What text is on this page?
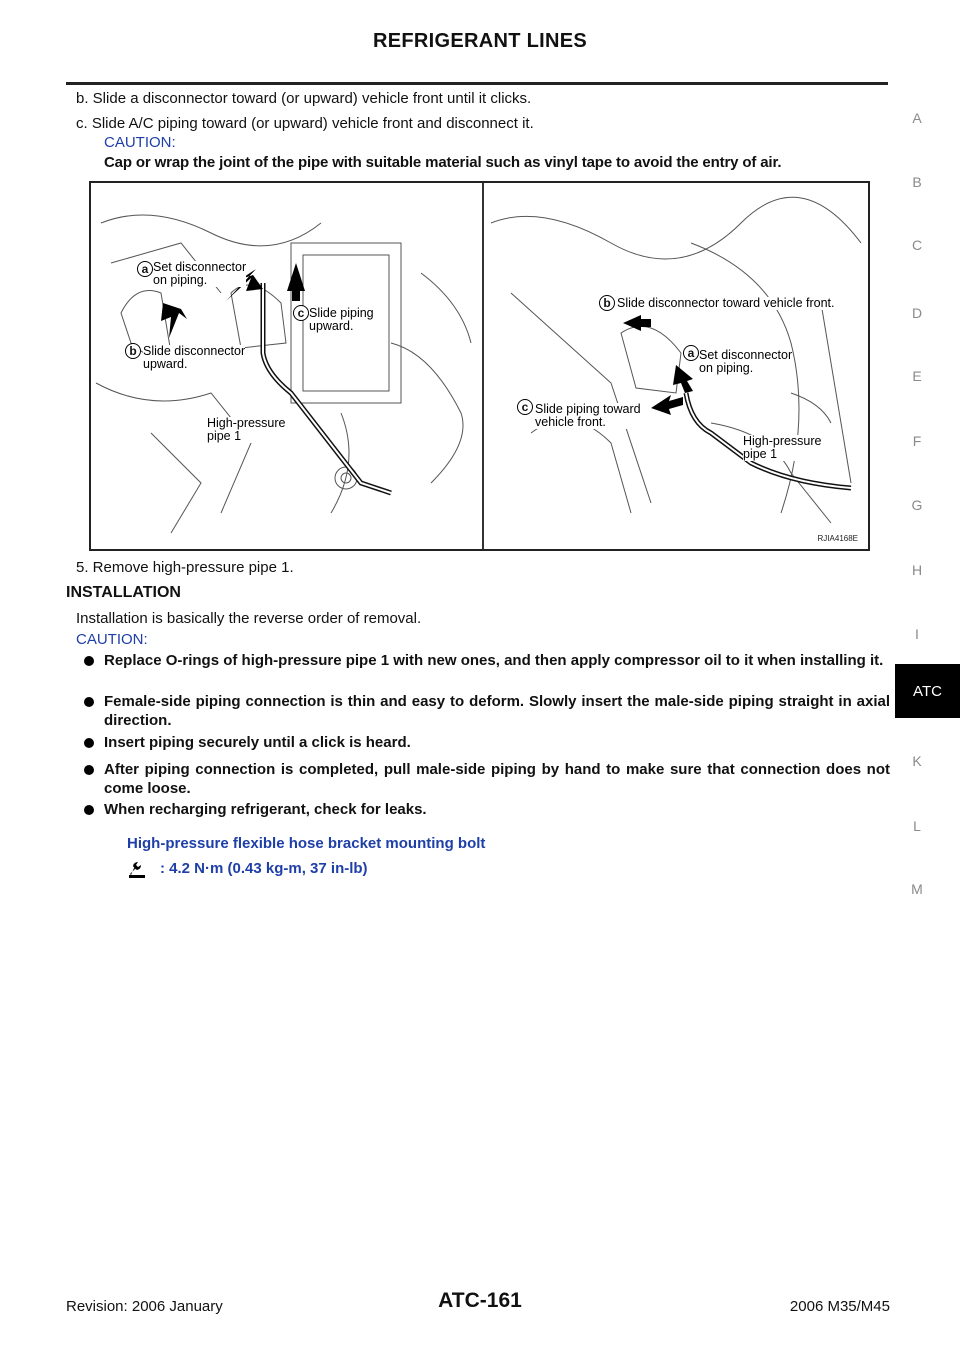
REFRIGERANT LINES
A
B
C
D
E
F
G
H
I
ATC
K
L
M
b. Slide a disconnector toward (or upward) vehicle front until it clicks.
c. Slide A/C piping toward (or upward) vehicle front and disconnect it.
CAUTION:
Cap or wrap the joint of the pipe with suitable material such as vinyl tape to avoid the entry of air.
a Set disconnector
on piping.
b Slide disconnector
upward.
c Slide piping
upward.
High-pressure
pipe 1
b Slide disconnector toward vehicle front.
a Set disconnector
on piping.
c Slide piping toward
vehicle front.
High-pressure
pipe 1
RJIA4168E
5. Remove high-pressure pipe 1.
INSTALLATION
Installation is basically the reverse order of removal.
CAUTION:
Replace O-rings of high-pressure pipe 1 with new ones, and then apply compressor oil to it when installing it.
Female-side piping connection is thin and easy to deform. Slowly insert the male-side piping straight in axial direction.
Insert piping securely until a click is heard.
After piping connection is completed, pull male-side piping by hand to make sure that connection does not come loose.
When recharging refrigerant, check for leaks.
High-pressure flexible hose bracket mounting bolt
: 4.2 N·m (0.43 kg-m, 37 in-lb)
Revision: 2006 January	ATC-161	2006 M35/M45
